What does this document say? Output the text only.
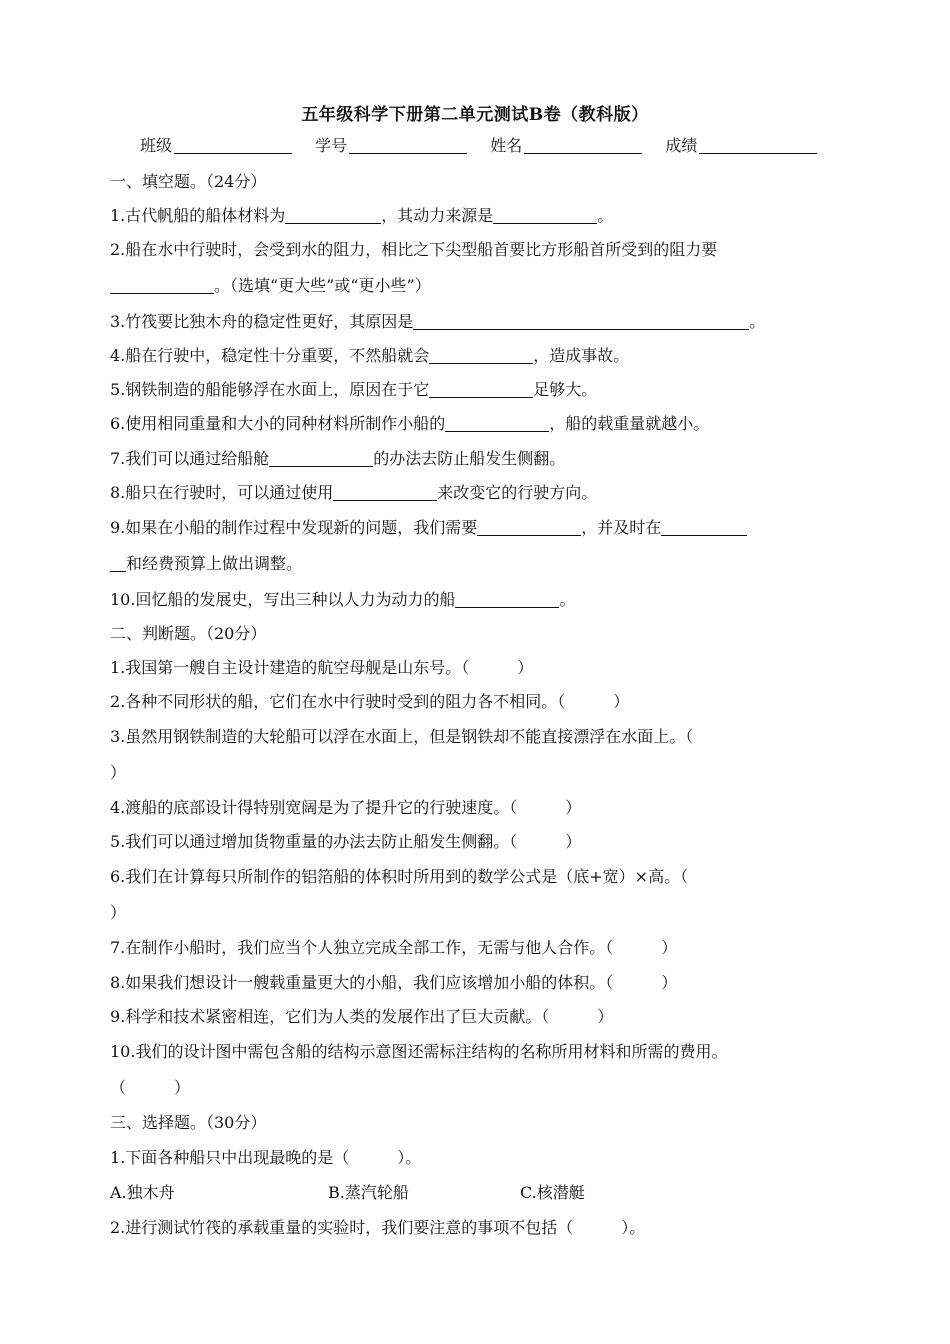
五年级科学下册第二单元测试B卷（教科版）
班级	学号	姓名	成绩
一、填空题。（24分）
1.古代帆船的船体材料为	，其动力来源是	。
2.船在水中行驶时，会受到水的阻力，相比之下尖型船首要比方形船首所受到的阻力要
。（选填“更大些”或“更小些”）
3.竹筏要比独木舟的稳定性更好，其原因是	。
4.船在行驶中，稳定性十分重要，不然船就会	，造成事故。
5.钢铁制造的船能够浮在水面上，原因在于它	足够大。
6.使用相同重量和大小的同种材料所制作小船的	，船的载重量就越小。
7.我们可以通过给船舱	的办法去防止船发生侧翻。
8.船只在行驶时，可以通过使用	来改变它的行驶方向。
9.如果在小船的制作过程中发现新的问题，我们需要	，并及时在
和经费预算上做出调整。
10.回忆船的发展史，写出三种以人力为动力的船	。
二、判断题。（20分）
1.我国第一艘自主设计建造的航空母舰是山东号。（　　　）
2.各种不同形状的船，它们在水中行驶时受到的阻力各不相同。（　　　）
3.虽然用钢铁制造的大轮船可以浮在水面上，但是钢铁却不能直接漂浮在水面上。（
）
4.渡船的底部设计得特别宽阔是为了提升它的行驶速度。（　　　）
5.我们可以通过增加货物重量的办法去防止船发生侧翻。（　　　）
6.我们在计算每只所制作的铝箔船的体积时所用到的数学公式是（底+宽）×高。（
）
7.在制作小船时，我们应当个人独立完成全部工作，无需与他人合作。（　　　）
8.如果我们想设计一艘载重量更大的小船，我们应该增加小船的体积。（　　　）
9.科学和技术紧密相连，它们为人类的发展作出了巨大贡献。（　　　）
10.我们的设计图中需包含船的结构示意图还需标注结构的名称所用材料和所需的费用。
（　　　）
三、选择题。（30分）
1.下面各种船只中出现最晚的是（　　　）。
A.独木舟	B.蒸汽轮船	C.核潜艇
2.进行测试竹筏的承载重量的实验时，我们要注意的事项不包括（　　　）。
